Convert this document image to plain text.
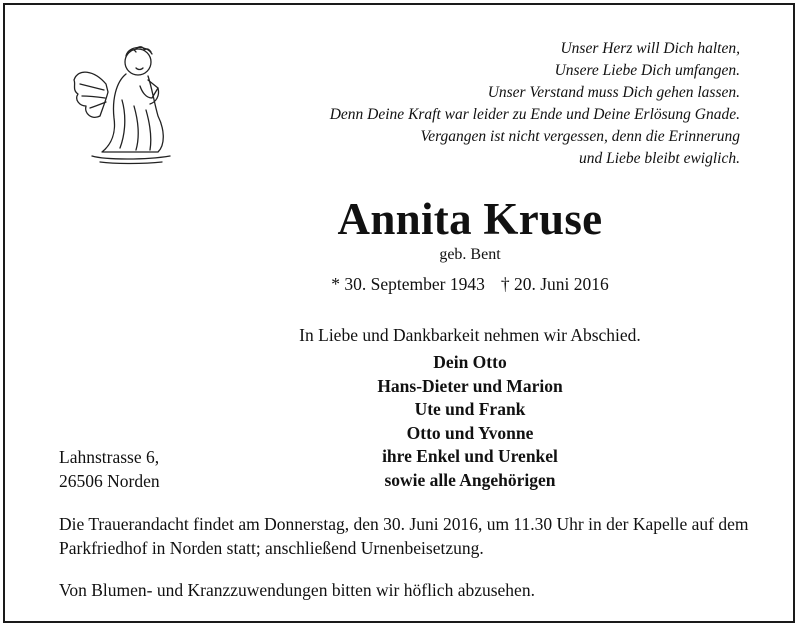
Unser Herz will Dich halten,
Unsere Liebe Dich umfangen.
Unser Verstand muss Dich gehen lassen.
Denn Deine Kraft war leider zu Ende und Deine Erlösung Gnade.
Vergangen ist nicht vergessen, denn die Erinnerung
und Liebe bleibt ewiglich.
Annita Kruse
geb. Bent
* 30. September 1943 † 20. Juni 2016
In Liebe und Dankbarkeit nehmen wir Abschied.
Dein Otto
Hans-Dieter und Marion
Ute und Frank
Otto und Yvonne
ihre Enkel und Urenkel
sowie alle Angehörigen
Lahnstrasse 6,
26506 Norden
Die Trauerandacht findet am Donnerstag, den 30. Juni 2016, um 11.30 Uhr in der Kapelle auf dem Parkfriedhof in Norden statt; anschließend Urnenbeisetzung.
Von Blumen- und Kranzzuwendungen bitten wir höflich abzusehen.
